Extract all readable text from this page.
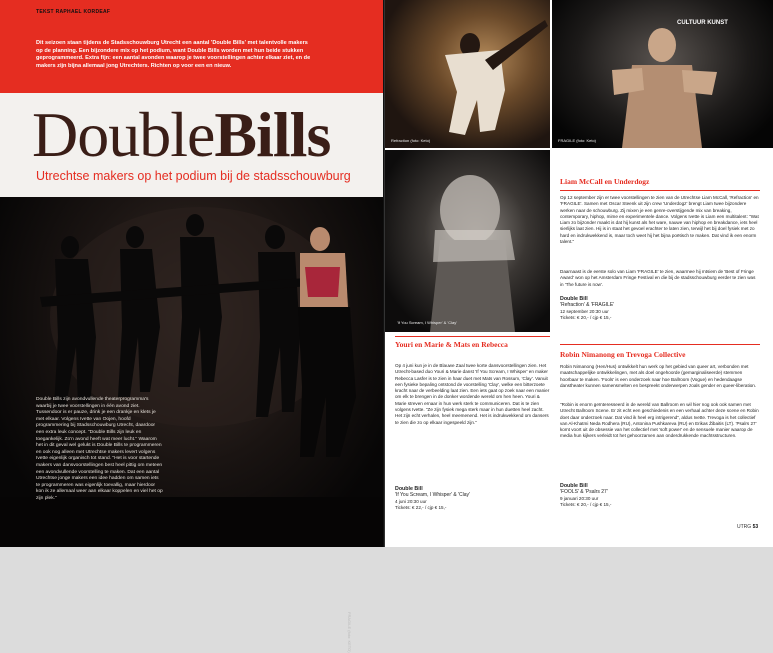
TEKST RAPHAEL KORDEAF
Dit seizoen staan tijdens de Stadsschouwburg Utrecht een aantal 'Double Bills' met talentvolle makers op de planning. Een bijzondere mix op het podium, want Double Bills worden met hun beide stukken geprogrammeerd. Extra fijn: een aantal avonden waarop je twee voorstellingen achter elkaar ziet, en de makers zijn bijna allemaal jong Utrechters. Richten op voor een en nieuw.
DoubleBills
Utrechtse makers op het podium bij de stadsschouwburg
FRAGILE (foto: KETO)
Double Bills zijn avondvullende theaterprogramma's waarbij je twee voorstellingen in één avond ziet. Tussendoor is er pauze, drink je een drankje en klets je met elkaar. Volgens Ivette van Oojen, hoofd programmering bij Stadsschouwburg Utrecht, daardoor een extra leuk concept. "Double Bills zijn leuk en toegankelijk. Zo'n avond heeft wat meer lucht." Waarom het in dit geval wel gelukt is Double Bills te programmeren en ook nog alleen met Utrechtse makers levert volgens Ivette eigenlijk organisch tot stand. "Het is voor startende makers van dansvoorstellingen best heel pittig om meteen een avondvullende voorstelling te maken. Dat een aantal Utrechtse jonge makers een idee hadden om samen iets te programmeren was eigenlijk toevallig, maar hierdoor kon ik ze allemaal weer aan elkaar koppelen en viel het op zijn plek."
Refraction (foto: Keto)	FRAGILE (foto: Keto)
CULTUUR KUNST
'If You Scream, I Whisper' & 'Clay'
Liam McCall en Underdogz
Op 12 september zijn er twee voorstellingen te zien van de Utrechtse Liam McCall, 'Refraction' en 'FRAGILE'. Samen met Oscar Steenk uit zijn crew 'Underdogz' brengt Liam twee bijzondere werken naar de schouwburg. Zij mixen je een genre-overstijgende mix van breaking, contemporary, hiphop, mime en experimentele dance. Volgens Ivette is Liam een multitalent: "Wat Liam zo bijzonder maakt is dat hij kunst als het ware, nauwe van hiphop en breakdance, iets heel sierlijks laat zien. Hij is in staat het gevoel erachter te laten zien, terwijl het bij doel fysiek met zo hard en indrukwekkend is, maar toch weet hij het bijna poëtisch te maken. Dat vind ik een enorm talent."
Daarnaast is de eerste solo van Liam 'FRAGILE' te zien, waarmee hij mtsiem de 'Best of Fringe Award' won op het Amsterdam Fringe Festival en die bij de stadsschouwburg eerder te zien was in 'The future is now'.
Double Bill
'Refraction' & 'FRAGILE'
12 september 20:30 uur
Tickets: € 20,- / cjp € 15,-
Youri en Marie & Mats en Rebecca
Op 4 juni kun je in de Blauwe Zaal twee korte dansvoorstellingen zien. Het Utrecht-based duo Youri & Marie danst 'If You Scream, I Whisper' en maker Rebecca Lasfer is te zien in haar duet met Mats van Rossum, 'Clay'. Vanuit een fysieke bepaling ontstond de voorstelling 'Clay', welke een bitterzoete kracht naar de verbeelding laat zien. Een iets gaat op zoek naar een manier om elk te brengen in de donker wordende wereld om hen heen. Youri & Marie streven ernaar in hun werk sterk te communiceren. Dat is te zien volgens Ivette. "Ze zijn fysiek mega sterk maar in hun duetten heel zacht. Het zijn echt verhalen, heel meemenend. Het is indrukwekkend om dansers te zien die zo op elkaar ingespeeld zijn."
Double Bill
'If You Scream, I Whisper' & 'Clay'
4 juni 20:30 uur
Tickets: € 22,- / cjp € 15,-
Robin Nimanong en Trevoga Collective
Robin Nimanong (Hen/Hus) ontwikkelt hun werk op het gebied van queer art, verbonden met maatschappelijke ontwikkelingen, met als doel ongehoorde (gemarginaliseerde) stemmen hoorbaar te maken. 'Fools' is een onderzoek naar hoe Ballroom (Vogue) en hedendaagse danstheater kunnen samensmelten en bespreekt onderwerpen zoals gender en queer-liberation.
"Robin is enorm geïnteresseerd in de wereld van Ballroom en wil hier nog ook ook samen met Utrecht Ballroom Scene. Er zit echt een geschiedenis en een verhaal achter deze scene en Robin doet daar onderzoek naar. Dat vind ik heel erg intrigerend", aldus Ivette. Trevoga is het collectief van Al-Khatmi Neda Rodhera (RU), Antonina Pushkareva (RU) en Erikas Žibaitis (LT). 'Psalrs 27' komt voort uit de obsessie van het collectief met 'soft power' en de sensuele manier waarop de media hun kijkers verleidt tot het gehoorzamen aan onderdrukkende machtsstructuren.
Double Bill
'FOOLS' & 'Psalrs 27'
9 januari 20:30 uur
Tickets: € 20,- / cjp € 15,-
UTRG 53
